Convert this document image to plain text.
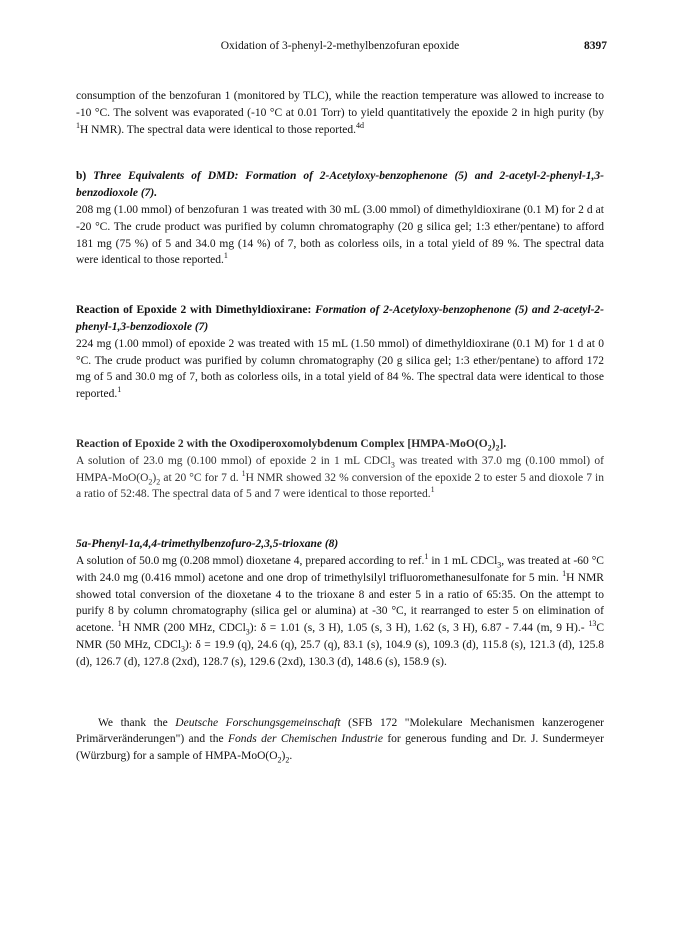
Oxidation of 3-phenyl-2-methylbenzofuran epoxide	8397

consumption of the benzofuran 1 (monitored by TLC), while the reaction temperature was allowed to increase to -10 °C. The solvent was evaporated (-10 °C at 0.01 Torr) to yield quantitatively the epoxide 2 in high purity (by $^1$H NMR). The spectral data were identical to those reported.$^{4d}$

b) Three Equivalents of DMD: Formation of 2-Acetyloxy-benzophenone (5) and 2-acetyl-2-phenyl-1,3-benzodioxole (7).
208 mg (1.00 mmol) of benzofuran 1 was treated with 30 mL (3.00 mmol) of dimethyldioxirane (0.1 M) for 2 d at -20 °C. The crude product was purified by column chromatography (20 g silica gel; 1:3 ether/pentane) to afford 181 mg (75 %) of 5 and 34.0 mg (14 %) of 7, both as colorless oils, in a total yield of 89 %. The spectral data were identical to those reported.$^1$

Reaction of Epoxide 2 with Dimethyldioxirane: Formation of 2-Acetyloxy-benzophenone (5) and 2-acetyl-2-phenyl-1,3-benzodioxole (7)
224 mg (1.00 mmol) of epoxide 2 was treated with 15 mL (1.50 mmol) of dimethyldioxirane (0.1 M) for 1 d at 0 °C. The crude product was purified by column chromatography (20 g silica gel; 1:3 ether/pentane) to afford 172 mg of 5 and 30.0 mg of 7, both as colorless oils, in a total yield of 84 %. The spectral data were identical to those reported.$^1$

Reaction of Epoxide 2 with the Oxodiperoxomolybdenum Complex $[HMPA-MoO(O_2)_2]$.
A solution of 23.0 mg (0.100 mmol) of epoxide 2 in 1 mL CDCl$_3$ was treated with 37.0 mg (0.100 mmol) of HMPA-$MoO(O_2)_2$ at 20 °C for 7 d. $^1$H NMR showed 32 % conversion of the epoxide 2 to ester 5 and dioxole 7 in a ratio of 52:48. The spectral data of 5 and 7 were identical to those reported.$^1$

5a-Phenyl-1a,4,4-trimethylbenzofuro-2,3,5-trioxane (8)
A solution of 50.0 mg (0.208 mmol) dioxetane 4, prepared according to ref.$^1$ in 1 mL CDCl$_3$, was treated at -60 °C with 24.0 mg (0.416 mmol) acetone and one drop of trimethylsilyl trifluoromethanesulfonate for 5 min. $^1$H NMR showed total conversion of the dioxetane 4 to the trioxane 8 and ester 5 in a ratio of 65:35. On the attempt to purify 8 by column chromatography (silica gel or alumina) at -30 °C, it rearranged to ester 5 on elimination of acetone. $^1$H NMR (200 MHz, CDCl$_3$): δ = 1.01 (s, 3 H), 1.05 (s, 3 H), 1.62 (s, 3 H), 6.87 - 7.44 (m, 9 H).- $^{13}$C NMR (50 MHz, CDCl$_3$): δ = 19.9 (q), 24.6 (q), 25.7 (q), 83.1 (s), 104.9 (s), 109.3 (d), 115.8 (s), 121.3 (d), 125.8 (d), 126.7 (d), 127.8 (2xd), 128.7 (s), 129.6 (2xd), 130.3 (d), 148.6 (s), 158.9 (s).

We thank the Deutsche Forschungsgemeinschaft (SFB 172 "Molekulare Mechanismen kanzerogener Primärveränderungen") and the Fonds der Chemischen Industrie for generous funding and Dr. J. Sundermeyer (Würzburg) for a sample of HMPA-$MoO(O_2)_2$.
